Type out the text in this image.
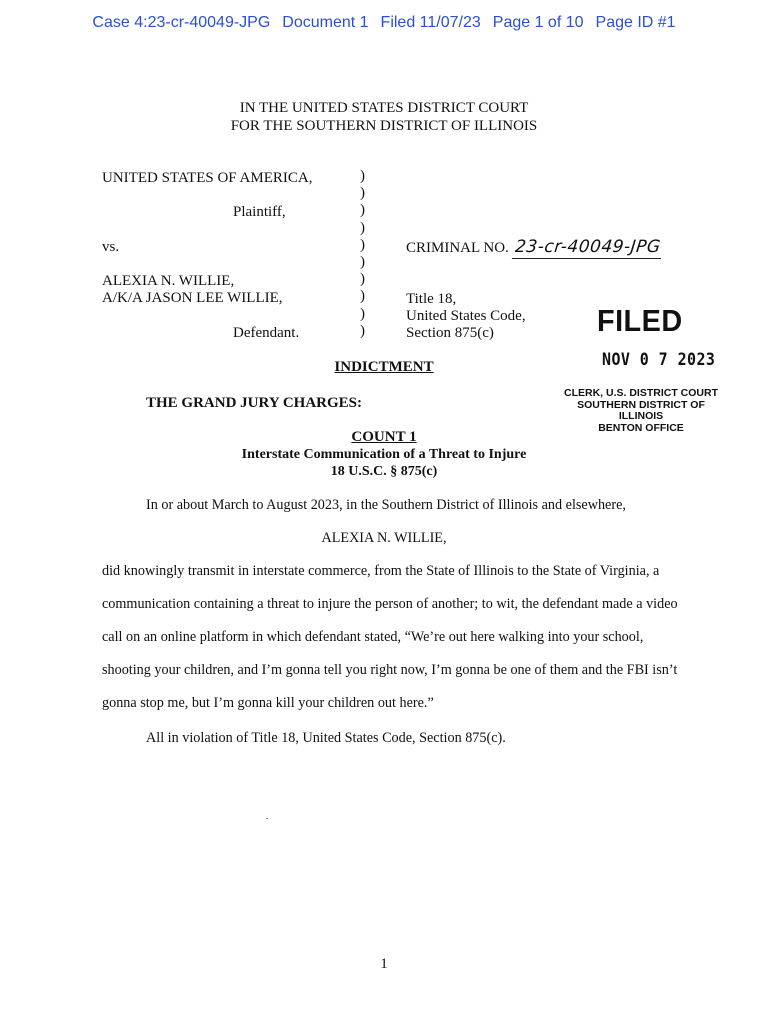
Case 4:23-cr-40049-JPG Document 1 Filed 11/07/23 Page 1 of 10 Page ID #1
IN THE UNITED STATES DISTRICT COURT
FOR THE SOUTHERN DISTRICT OF ILLINOIS
UNITED STATES OF AMERICA,
Plaintiff,
vs.
ALEXIA N. WILLIE,
A/K/A JASON LEE WILLIE,
Defendant.
)
)
)
)
)
)
)
)
)
)
CRIMINAL NO. 23-cr-40049-JPG
Title 18,
United States Code,
Section 875(c)	FILED
NOV 0 7 2023
CLERK, U.S. DISTRICT COURT
SOUTHERN DISTRICT OF ILLINOIS
BENTON OFFICE
INDICTMENT
THE GRAND JURY CHARGES:
COUNT 1
Interstate Communication of a Threat to Injure
18 U.S.C. § 875(c)
In or about March to August 2023, in the Southern District of Illinois and elsewhere,
ALEXIA N. WILLIE,
did knowingly transmit in interstate commerce, from the State of Illinois to the State of Virginia, a
communication containing a threat to injure the person of another; to wit, the defendant made a video
call on an online platform in which defendant stated, “We’re out here walking into your school,
shooting your children, and I’m gonna tell you right now, I’m gonna be one of them and the FBI isn’t
gonna stop me, but I’m gonna kill your children out here.”
All in violation of Title 18, United States Code, Section 875(c).
1
